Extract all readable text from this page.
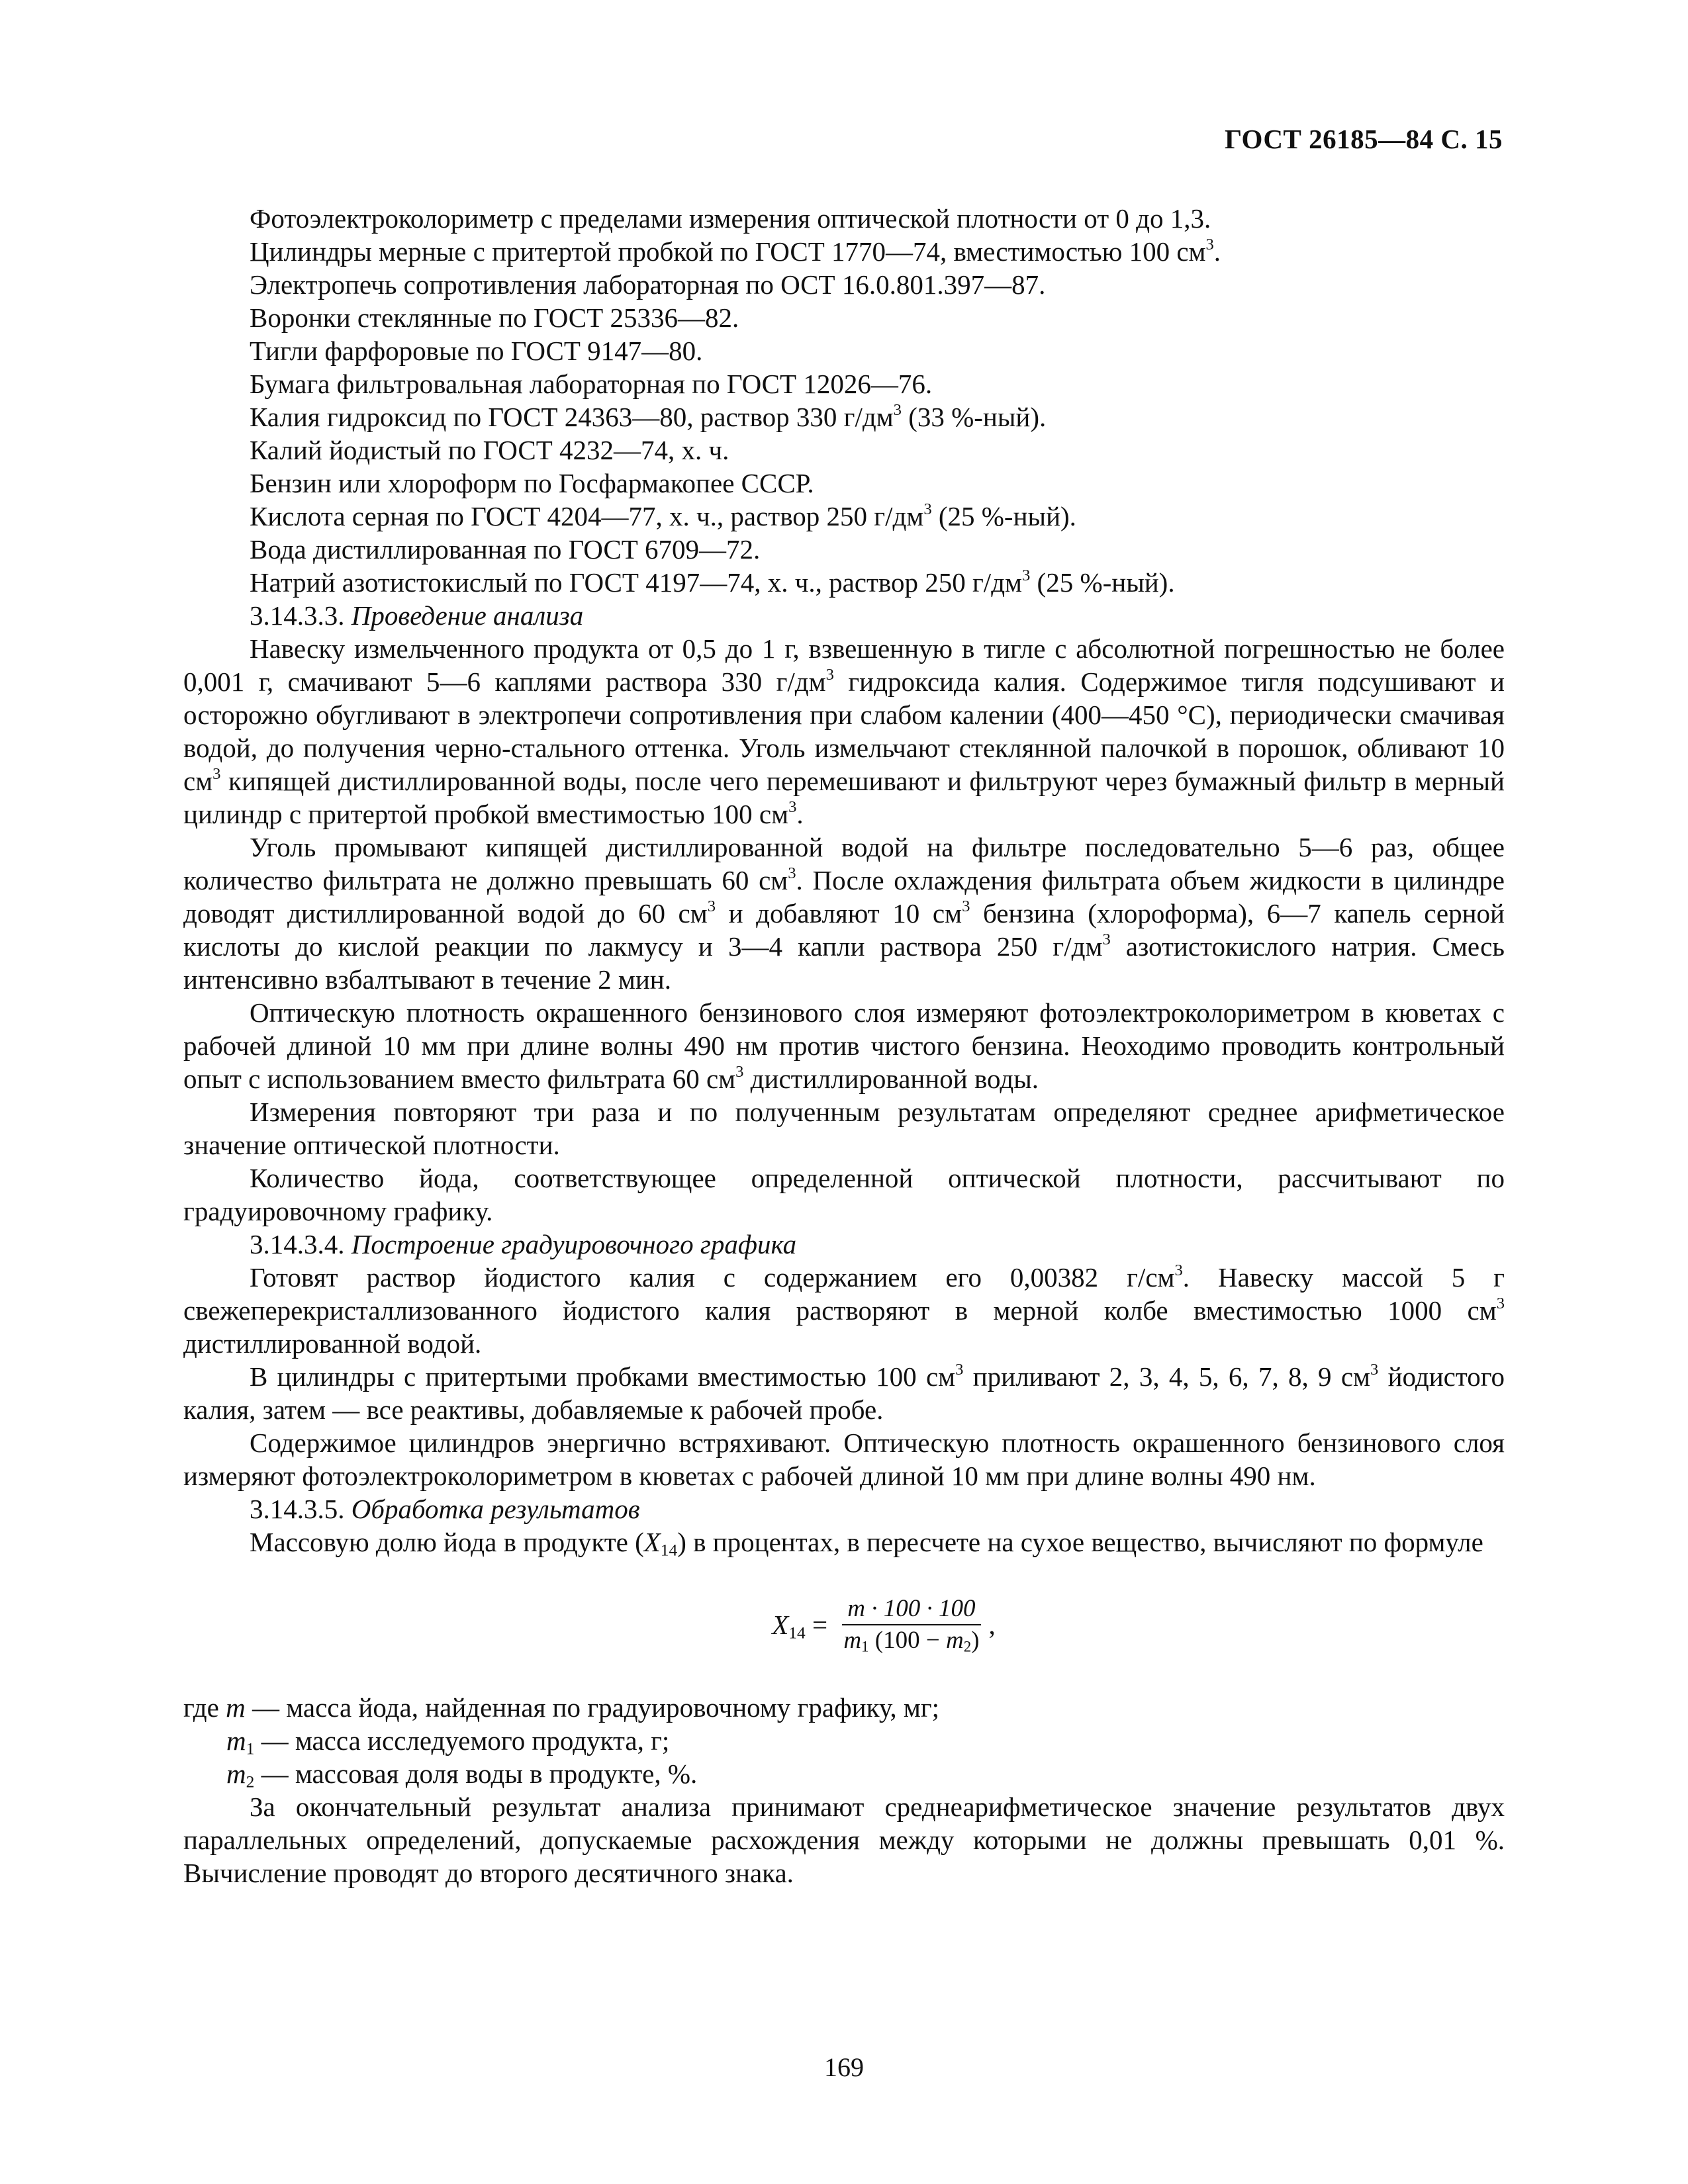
ГОСТ 26185—84 С. 15
Фотоэлектроколориметр с пределами измерения оптической плотности от 0 до 1,3.
Цилиндры мерные с притертой пробкой по ГОСТ 1770—74, вместимостью 100 $см^3$.
Электропечь сопротивления лабораторная по ОСТ 16.0.801.397—87.
Воронки стеклянные по ГОСТ 25336—82.
Тигли фарфоровые по ГОСТ 9147—80.
Бумага фильтровальная лабораторная по ГОСТ 12026—76.
Калия гидроксид по ГОСТ 24363—80, раствор 330 $г/дм^3$ (33 %-ный).
Калий йодистый по ГОСТ 4232—74, х. ч.
Бензин или хлороформ по Госфармакопее СССР.
Кислота серная по ГОСТ 4204—77, х. ч., раствор 250 $г/дм^3$ (25 %-ный).
Вода дистиллированная по ГОСТ 6709—72.
Натрий азотистокислый по ГОСТ 4197—74, х. ч., раствор 250 $г/дм^3$ (25 %-ный).
3.14.3.3. Проведение анализа
Навеску измельченного продукта от 0,5 до 1 г, взвешенную в тигле с абсолютной погрешностью не более 0,001 г, смачивают 5—6 каплями раствора 330 $г/дм^3$ гидроксида калия. Содержимое тигля подсушивают и осторожно обугливают в электропечи сопротивления при слабом калении (400—450 °С), периодически смачивая водой, до получения черно-стального оттенка. Уголь измельчают стеклянной палочкой в порошок, обливают 10 $см^3$ кипящей дистиллированной воды, после чего перемешивают и фильтруют через бумажный фильтр в мерный цилиндр с притертой пробкой вместимостью 100 $см^3$.
Уголь промывают кипящей дистиллированной водой на фильтре последовательно 5—6 раз, общее количество фильтрата не должно превышать 60 $см^3$. После охлаждения фильтрата объем жидкости в цилиндре доводят дистиллированной водой до 60 $см^3$ и добавляют 10 $см^3$ бензина (хлороформа), 6—7 капель серной кислоты до кислой реакции по лакмусу и 3—4 капли раствора 250 $г/дм^3$ азотистокислого натрия. Смесь интенсивно взбалтывают в течение 2 мин.
Оптическую плотность окрашенного бензинового слоя измеряют фотоэлектроколориметром в кюветах с рабочей длиной 10 мм при длине волны 490 нм против чистого бензина. Неоходимо проводить контрольный опыт с использованием вместо фильтрата 60 $см^3$ дистиллированной воды.
Измерения повторяют три раза и по полученным результатам определяют среднее арифметическое значение оптической плотности.
Количество йода, соответствующее определенной оптической плотности, рассчитывают по градуировочному графику.
3.14.3.4. Построение градуировочного графика
Готовят раствор йодистого калия с содержанием его 0,00382 $г/см^3$. Навеску массой 5 г свежеперекристаллизованного йодистого калия растворяют в мерной колбе вместимостью 1000 $см^3$ дистиллированной водой.
В цилиндры с притертыми пробками вместимостью 100 $см^3$ приливают 2, 3, 4, 5, 6, 7, 8, 9 $см^3$ йодистого калия, затем — все реактивы, добавляемые к рабочей пробе.
Содержимое цилиндров энергично встряхивают. Оптическую плотность окрашенного бензинового слоя измеряют фотоэлектроколориметром в кюветах с рабочей длиной 10 мм при длине волны 490 нм.
3.14.3.5. Обработка результатов
Массовую долю йода в продукте $(X_{14})$ в процентах, в пересчете на сухое вещество, вычисляют по формуле
$X_{14} = \frac{m \cdot 100 \cdot 100}{m_1 (100 - m_2)}$ ,
где m — масса йода, найденная по градуировочному графику, мг;
$m_1$ — масса исследуемого продукта, г;
$m_2$ — массовая доля воды в продукте, %.
За окончательный результат анализа принимают среднеарифметическое значение результатов двух параллельных определений, допускаемые расхождения между которыми не должны превышать 0,01 %. Вычисление проводят до второго десятичного знака.
169
